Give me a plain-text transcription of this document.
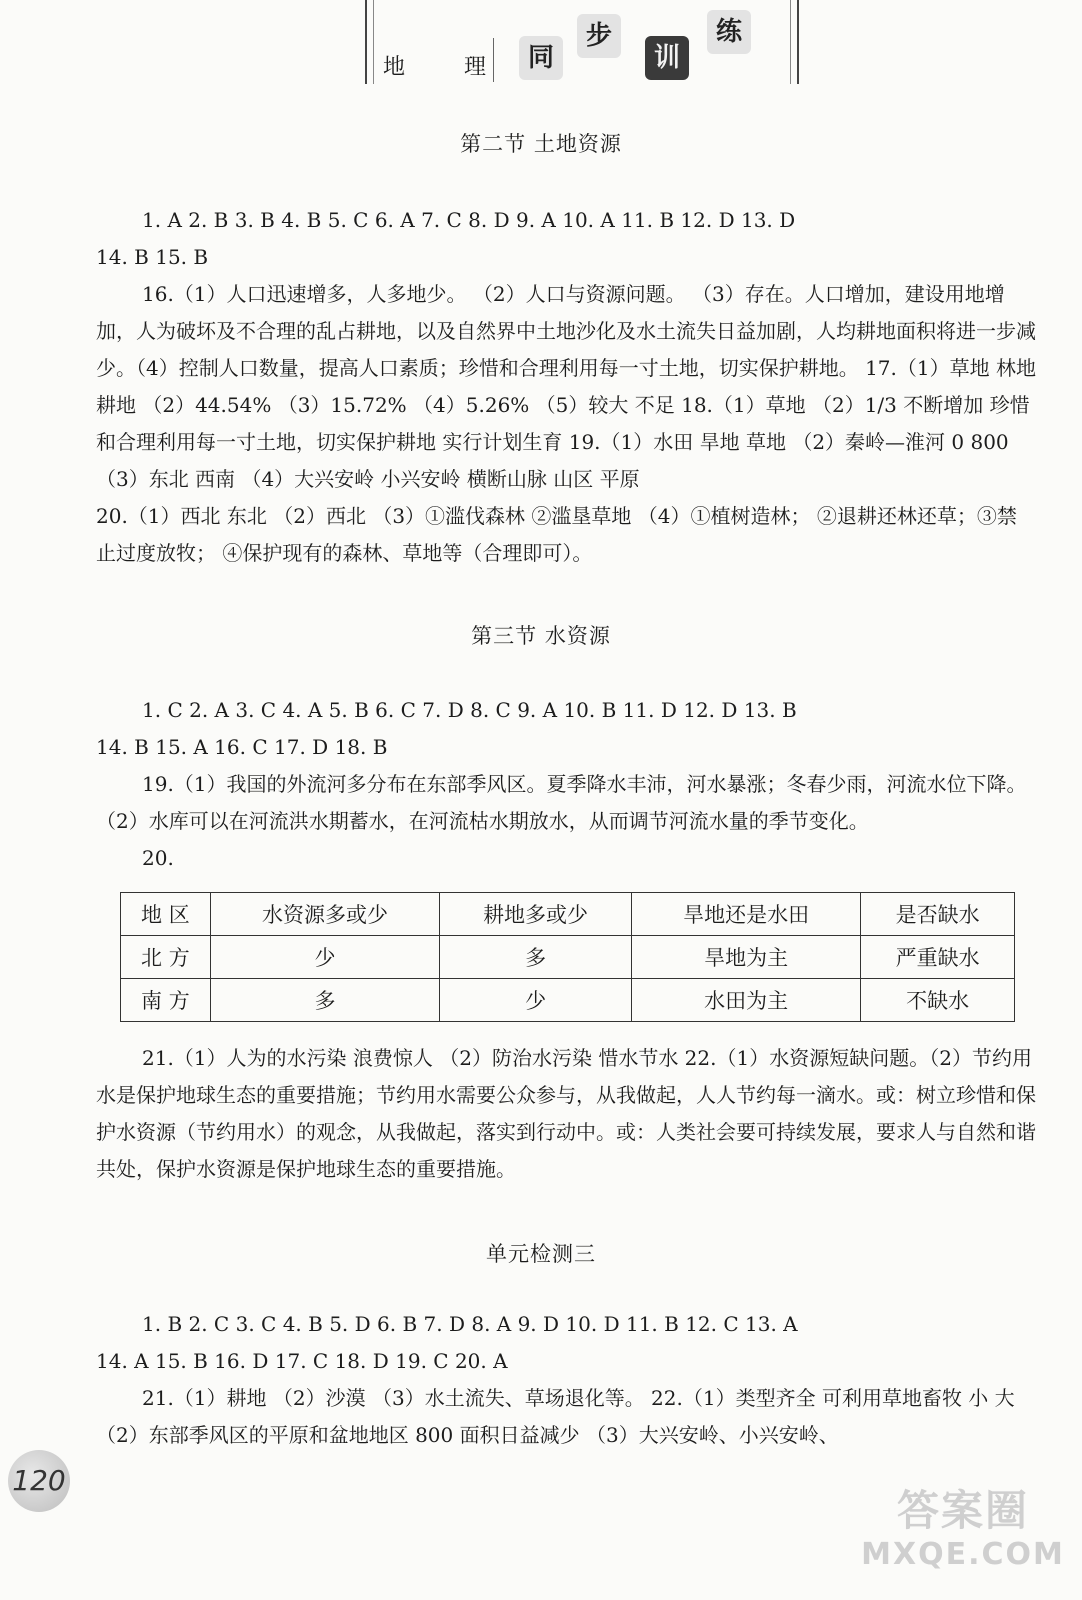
地 理 同
步
训
练
第二节 土地资源

1. A 2. B 3. B 4. B 5. C 6. A 7. C 8. D 9. A 10. A 11. B 12. D 13. D

14. B 15. B

16.（1）人口迅速增多，人多地少。 （2）人口与资源问题。 （3）存在。人口增加，建设用地增加，人为破坏及不合理的乱占耕地，以及自然界中土地沙化及水土流失日益加剧，人均耕地面积将进一步减少。（4）控制人口数量，提高人口素质；珍惜和合理利用每一寸土地，切实保护耕地。 17.（1）草地 林地 耕地 （2）44.54% （3）15.72% （4）5.26% （5）较大 不足 18.（1）草地 （2）1/3 不断增加 珍惜和合理利用每一寸土地，切实保护耕地 实行计划生育 19.（1）水田 旱地 草地 （2）秦岭—淮河 0 800 （3）东北 西南 （4）大兴安岭 小兴安岭 横断山脉 山区 平原

20.（1）西北 东北 （2）西北 （3）①滥伐森林 ②滥垦草地 （4）①植树造林； ②退耕还林还草；③禁止过度放牧； ④保护现有的森林、草地等（合理即可）。

第三节 水资源

1. C 2. A 3. C 4. A 5. B 6. C 7. D 8. C 9. A 10. B 11. D 12. D 13. B

14. B 15. A 16. C 17. D 18. B

19.（1）我国的外流河多分布在东部季风区。夏季降水丰沛，河水暴涨；冬春少雨，河流水位下降。（2）水库可以在河流洪水期蓄水，在河流枯水期放水，从而调节河流水量的季节变化。

20.

地 区	水资源多或少	耕地多或少	旱地还是水田	是否缺水
北 方	少	多	旱地为主	严重缺水
南 方	多	少	水田为主	不缺水

21.（1）人为的水污染 浪费惊人 （2）防治水污染 惜水节水 22.（1）水资源短缺问题。（2）节约用水是保护地球生态的重要措施；节约用水需要公众参与，从我做起，人人节约每一滴水。或：树立珍惜和保护水资源（节约用水）的观念，从我做起，落实到行动中。或：人类社会要可持续发展，要求人与自然和谐共处，保护水资源是保护地球生态的重要措施。

单元检测三

1. B 2. C 3. C 4. B 5. D 6. B 7. D 8. A 9. D 10. D 11. B 12. C 13. A

14. A 15. B 16. D 17. C 18. D 19. C 20. A

21.（1）耕地 （2）沙漠 （3）水土流失、草场退化等。 22.（1）类型齐全 可利用草地畜牧 小 大 （2）东部季风区的平原和盆地地区 800 面积日益减少 （3）大兴安岭、小兴安岭、

120
答案圈
MXQE.COM
